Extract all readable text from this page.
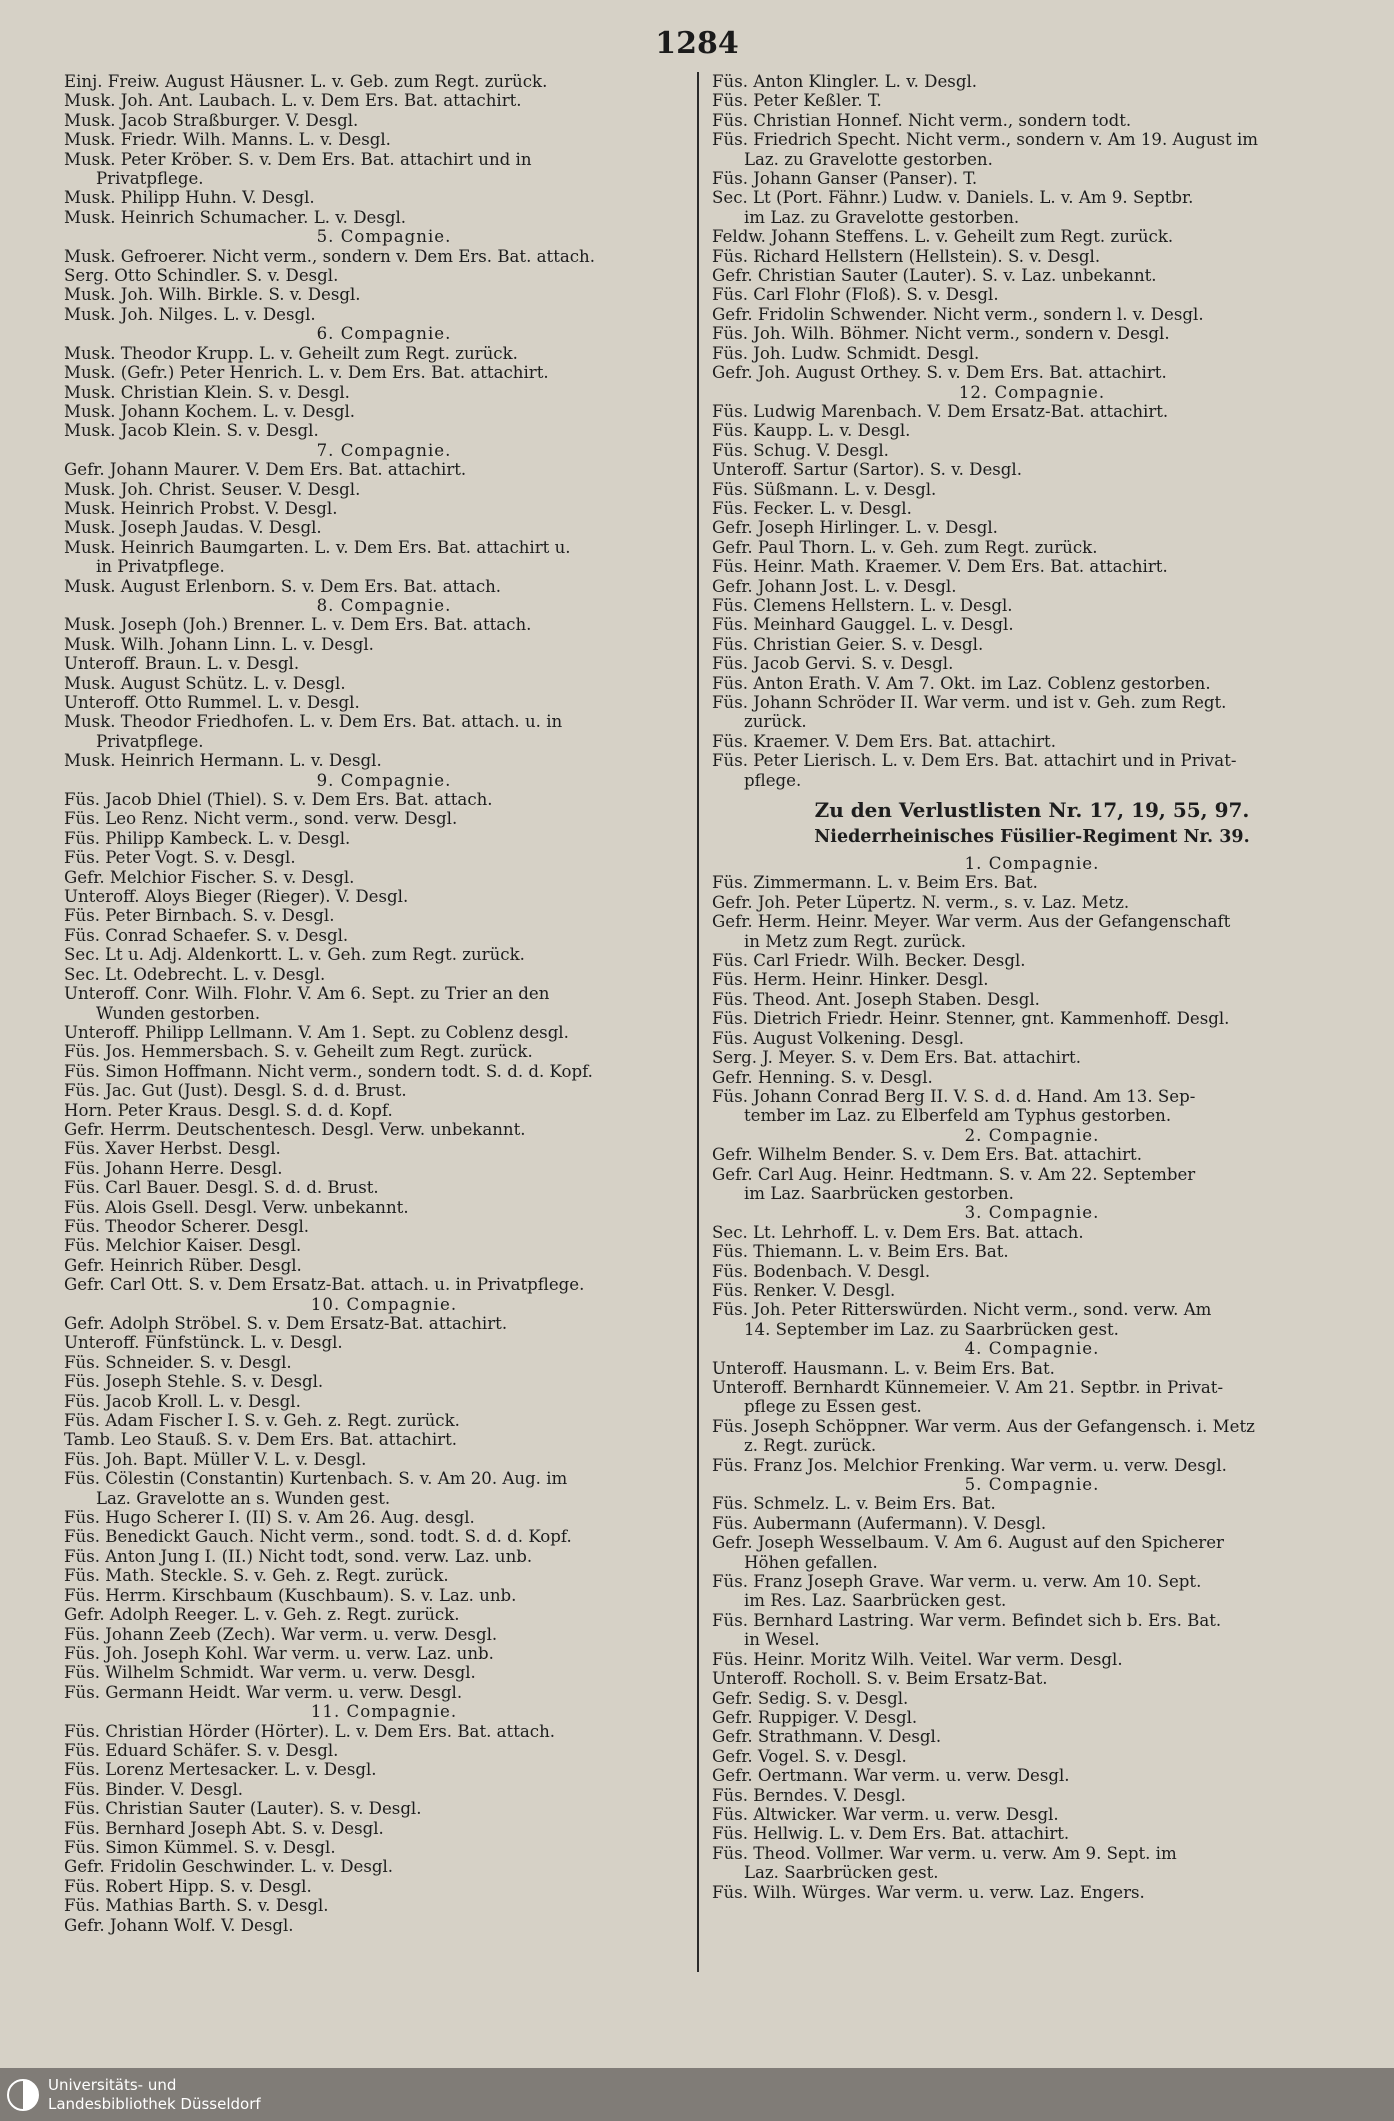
1284
Einj. Freiw. August Häusner. L. v. Geb. zum Regt. zurück.
Musk. Joh. Ant. Laubach. L. v. Dem Ers. Bat. attachirt.
Musk. Jacob Straßburger. V. Desgl.
Musk. Friedr. Wilh. Manns. L. v. Desgl.
Musk. Peter Kröber. S. v. Dem Ers. Bat. attachirt und in
Privatpflege.
Musk. Philipp Huhn. V. Desgl.
Musk. Heinrich Schumacher. L. v. Desgl.
5. Compagnie.
Musk. Gefroerer. Nicht verm., sondern v. Dem Ers. Bat. attach.
Serg. Otto Schindler. S. v. Desgl.
Musk. Joh. Wilh. Birkle. S. v. Desgl.
Musk. Joh. Nilges. L. v. Desgl.
6. Compagnie.
Musk. Theodor Krupp. L. v. Geheilt zum Regt. zurück.
Musk. (Gefr.) Peter Henrich. L. v. Dem Ers. Bat. attachirt.
Musk. Christian Klein. S. v. Desgl.
Musk. Johann Kochem. L. v. Desgl.
Musk. Jacob Klein. S. v. Desgl.
7. Compagnie.
Gefr. Johann Maurer. V. Dem Ers. Bat. attachirt.
Musk. Joh. Christ. Seuser. V. Desgl.
Musk. Heinrich Probst. V. Desgl.
Musk. Joseph Jaudas. V. Desgl.
Musk. Heinrich Baumgarten. L. v. Dem Ers. Bat. attachirt u.
in Privatpflege.
Musk. August Erlenborn. S. v. Dem Ers. Bat. attach.
8. Compagnie.
Musk. Joseph (Joh.) Brenner. L. v. Dem Ers. Bat. attach.
Musk. Wilh. Johann Linn. L. v. Desgl.
Unteroff. Braun. L. v. Desgl.
Musk. August Schütz. L. v. Desgl.
Unteroff. Otto Rummel. L. v. Desgl.
Musk. Theodor Friedhofen. L. v. Dem Ers. Bat. attach. u. in
Privatpflege.
Musk. Heinrich Hermann. L. v. Desgl.
9. Compagnie.
Füs. Jacob Dhiel (Thiel). S. v. Dem Ers. Bat. attach.
Füs. Leo Renz. Nicht verm., sond. verw. Desgl.
Füs. Philipp Kambeck. L. v. Desgl.
Füs. Peter Vogt. S. v. Desgl.
Gefr. Melchior Fischer. S. v. Desgl.
Unteroff. Aloys Bieger (Rieger). V. Desgl.
Füs. Peter Birnbach. S. v. Desgl.
Füs. Conrad Schaefer. S. v. Desgl.
Sec. Lt u. Adj. Aldenkortt. L. v. Geh. zum Regt. zurück.
Sec. Lt. Odebrecht. L. v. Desgl.
Unteroff. Conr. Wilh. Flohr. V. Am 6. Sept. zu Trier an den
Wunden gestorben.
Unteroff. Philipp Lellmann. V. Am 1. Sept. zu Coblenz desgl.
Füs. Jos. Hemmersbach. S. v. Geheilt zum Regt. zurück.
Füs. Simon Hoffmann. Nicht verm., sondern todt. S. d. d. Kopf.
Füs. Jac. Gut (Just). Desgl. S. d. d. Brust.
Horn. Peter Kraus. Desgl. S. d. d. Kopf.
Gefr. Herrm. Deutschentesch. Desgl. Verw. unbekannt.
Füs. Xaver Herbst. Desgl.
Füs. Johann Herre. Desgl.
Füs. Carl Bauer. Desgl. S. d. d. Brust.
Füs. Alois Gsell. Desgl. Verw. unbekannt.
Füs. Theodor Scherer. Desgl.
Füs. Melchior Kaiser. Desgl.
Gefr. Heinrich Rüber. Desgl.
Gefr. Carl Ott. S. v. Dem Ersatz-Bat. attach. u. in Privatpflege.
10. Compagnie.
Gefr. Adolph Ströbel. S. v. Dem Ersatz-Bat. attachirt.
Unteroff. Fünfstünck. L. v. Desgl.
Füs. Schneider. S. v. Desgl.
Füs. Joseph Stehle. S. v. Desgl.
Füs. Jacob Kroll. L. v. Desgl.
Füs. Adam Fischer I. S. v. Geh. z. Regt. zurück.
Tamb. Leo Stauß. S. v. Dem Ers. Bat. attachirt.
Füs. Joh. Bapt. Müller V. L. v. Desgl.
Füs. Cölestin (Constantin) Kurtenbach. S. v. Am 20. Aug. im
Laz. Gravelotte an s. Wunden gest.
Füs. Hugo Scherer I. (II) S. v. Am 26. Aug. desgl.
Füs. Benedickt Gauch. Nicht verm., sond. todt. S. d. d. Kopf.
Füs. Anton Jung I. (II.) Nicht todt, sond. verw. Laz. unb.
Füs. Math. Steckle. S. v. Geh. z. Regt. zurück.
Füs. Herrm. Kirschbaum (Kuschbaum). S. v. Laz. unb.
Gefr. Adolph Reeger. L. v. Geh. z. Regt. zurück.
Füs. Johann Zeeb (Zech). War verm. u. verw. Desgl.
Füs. Joh. Joseph Kohl. War verm. u. verw. Laz. unb.
Füs. Wilhelm Schmidt. War verm. u. verw. Desgl.
Füs. Germann Heidt. War verm. u. verw. Desgl.
11. Compagnie.
Füs. Christian Hörder (Hörter). L. v. Dem Ers. Bat. attach.
Füs. Eduard Schäfer. S. v. Desgl.
Füs. Lorenz Mertesacker. L. v. Desgl.
Füs. Binder. V. Desgl.
Füs. Christian Sauter (Lauter). S. v. Desgl.
Füs. Bernhard Joseph Abt. S. v. Desgl.
Füs. Simon Kümmel. S. v. Desgl.
Gefr. Fridolin Geschwinder. L. v. Desgl.
Füs. Robert Hipp. S. v. Desgl.
Füs. Mathias Barth. S. v. Desgl.
Gefr. Johann Wolf. V. Desgl.
Füs. Anton Klingler. L. v. Desgl.
Füs. Peter Keßler. T.
Füs. Christian Honnef. Nicht verm., sondern todt.
Füs. Friedrich Specht. Nicht verm., sondern v. Am 19. August im
Laz. zu Gravelotte gestorben.
Füs. Johann Ganser (Panser). T.
Sec. Lt (Port. Fähnr.) Ludw. v. Daniels. L. v. Am 9. Septbr.
im Laz. zu Gravelotte gestorben.
Feldw. Johann Steffens. L. v. Geheilt zum Regt. zurück.
Füs. Richard Hellstern (Hellstein). S. v. Desgl.
Gefr. Christian Sauter (Lauter). S. v. Laz. unbekannt.
Füs. Carl Flohr (Floß). S. v. Desgl.
Gefr. Fridolin Schwender. Nicht verm., sondern l. v. Desgl.
Füs. Joh. Wilh. Böhmer. Nicht verm., sondern v. Desgl.
Füs. Joh. Ludw. Schmidt. Desgl.
Gefr. Joh. August Orthey. S. v. Dem Ers. Bat. attachirt.
12. Compagnie.
Füs. Ludwig Marenbach. V. Dem Ersatz-Bat. attachirt.
Füs. Kaupp. L. v. Desgl.
Füs. Schug. V. Desgl.
Unteroff. Sartur (Sartor). S. v. Desgl.
Füs. Süßmann. L. v. Desgl.
Füs. Fecker. L. v. Desgl.
Gefr. Joseph Hirlinger. L. v. Desgl.
Gefr. Paul Thorn. L. v. Geh. zum Regt. zurück.
Füs. Heinr. Math. Kraemer. V. Dem Ers. Bat. attachirt.
Gefr. Johann Jost. L. v. Desgl.
Füs. Clemens Hellstern. L. v. Desgl.
Füs. Meinhard Gauggel. L. v. Desgl.
Füs. Christian Geier. S. v. Desgl.
Füs. Jacob Gervi. S. v. Desgl.
Füs. Anton Erath. V. Am 7. Okt. im Laz. Coblenz gestorben.
Füs. Johann Schröder II. War verm. und ist v. Geh. zum Regt.
zurück.
Füs. Kraemer. V. Dem Ers. Bat. attachirt.
Füs. Peter Lierisch. L. v. Dem Ers. Bat. attachirt und in Privat-
pflege.
Zu den Verlustlisten Nr. 17, 19, 55, 97.
Niederrheinisches Füsilier-Regiment Nr. 39.
1. Compagnie.
Füs. Zimmermann. L. v. Beim Ers. Bat.
Gefr. Joh. Peter Lüpertz. N. verm., s. v. Laz. Metz.
Gefr. Herm. Heinr. Meyer. War verm. Aus der Gefangenschaft
in Metz zum Regt. zurück.
Füs. Carl Friedr. Wilh. Becker. Desgl.
Füs. Herm. Heinr. Hinker. Desgl.
Füs. Theod. Ant. Joseph Staben. Desgl.
Füs. Dietrich Friedr. Heinr. Stenner, gnt. Kammenhoff. Desgl.
Füs. August Volkening. Desgl.
Serg. J. Meyer. S. v. Dem Ers. Bat. attachirt.
Gefr. Henning. S. v. Desgl.
Füs. Johann Conrad Berg II. V. S. d. d. Hand. Am 13. Sep-
tember im Laz. zu Elberfeld am Typhus gestorben.
2. Compagnie.
Gefr. Wilhelm Bender. S. v. Dem Ers. Bat. attachirt.
Gefr. Carl Aug. Heinr. Hedtmann. S. v. Am 22. September
im Laz. Saarbrücken gestorben.
3. Compagnie.
Sec. Lt. Lehrhoff. L. v. Dem Ers. Bat. attach.
Füs. Thiemann. L. v. Beim Ers. Bat.
Füs. Bodenbach. V. Desgl.
Füs. Renker. V. Desgl.
Füs. Joh. Peter Ritterswürden. Nicht verm., sond. verw. Am
14. September im Laz. zu Saarbrücken gest.
4. Compagnie.
Unteroff. Hausmann. L. v. Beim Ers. Bat.
Unteroff. Bernhardt Künnemeier. V. Am 21. Septbr. in Privat-
pflege zu Essen gest.
Füs. Joseph Schöppner. War verm. Aus der Gefangensch. i. Metz
z. Regt. zurück.
Füs. Franz Jos. Melchior Frenking. War verm. u. verw. Desgl.
5. Compagnie.
Füs. Schmelz. L. v. Beim Ers. Bat.
Füs. Aubermann (Aufermann). V. Desgl.
Gefr. Joseph Wesselbaum. V. Am 6. August auf den Spicherer
Höhen gefallen.
Füs. Franz Joseph Grave. War verm. u. verw. Am 10. Sept.
im Res. Laz. Saarbrücken gest.
Füs. Bernhard Lastring. War verm. Befindet sich b. Ers. Bat.
in Wesel.
Füs. Heinr. Moritz Wilh. Veitel. War verm. Desgl.
Unteroff. Rocholl. S. v. Beim Ersatz-Bat.
Gefr. Sedig. S. v. Desgl.
Gefr. Ruppiger. V. Desgl.
Gefr. Strathmann. V. Desgl.
Gefr. Vogel. S. v. Desgl.
Gefr. Oertmann. War verm. u. verw. Desgl.
Füs. Berndes. V. Desgl.
Füs. Altwicker. War verm. u. verw. Desgl.
Füs. Hellwig. L. v. Dem Ers. Bat. attachirt.
Füs. Theod. Vollmer. War verm. u. verw. Am 9. Sept. im
Laz. Saarbrücken gest.
Füs. Wilh. Würges. War verm. u. verw. Laz. Engers.
Universitäts- und
Landesbibliothek Düsseldorf
